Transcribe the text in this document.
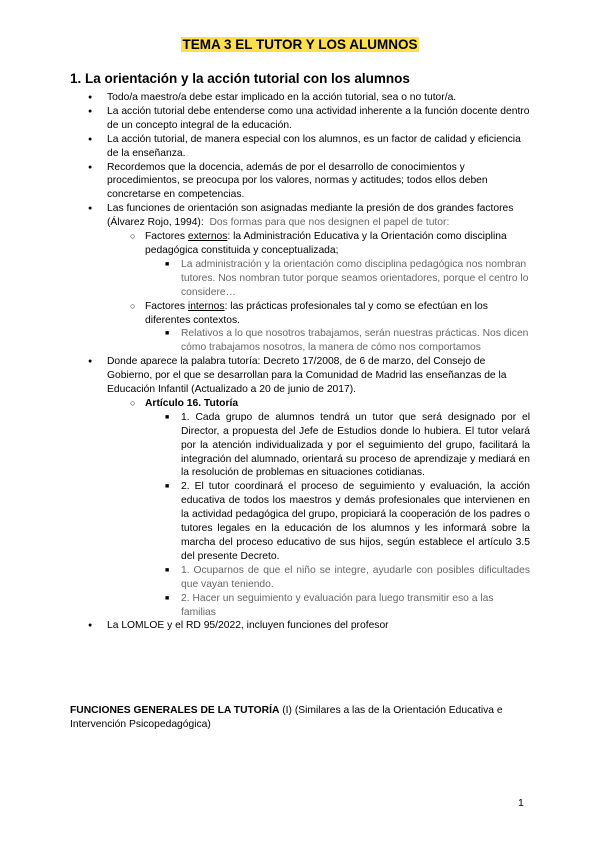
TEMA 3 EL TUTOR Y LOS ALUMNOS
1. La orientación y la acción tutorial con los alumnos

● Todo/a maestro/a debe estar implicado en la acción tutorial, sea o no tutor/a.

● La acción tutorial debe entenderse como una actividad inherente a la función docente dentro de un concepto integral de la educación.

● La acción tutorial, de manera especial con los alumnos, es un factor de calidad y eficiencia de la enseñanza.

● Recordemos que la docencia, además de por el desarrollo de conocimientos y procedimientos, se preocupa por los valores, normas y actitudes; todos ellos deben concretarse en competencias.

● Las funciones de orientación son asignadas mediante la presión de dos grandes factores (Álvarez Rojo, 1994): Dos formas para que nos designen el papel de tutor:

○ Factores externos: la Administración Educativa y la Orientación como disciplina pedagógica constituida y conceptualizada;

■ La administración y la orientación como disciplina pedagógica nos nombran tutores. Nos nombran tutor porque seamos orientadores, porque el centro lo considere…

○ Factores internos: las prácticas profesionales tal y como se efectúan en los diferentes contextos.

■ Relativos a lo que nosotros trabajamos, serán nuestras prácticas. Nos dicen cómo trabajamos nosotros, la manera de cómo nos comportamos

● Donde aparece la palabra tutoría: Decreto 17/2008, de 6 de marzo, del Consejo de Gobierno, por el que se desarrollan para la Comunidad de Madrid las enseñanzas de la Educación Infantil (Actualizado a 20 de junio de 2017).

○ Artículo 16. Tutoría

■ 1. Cada grupo de alumnos tendrá un tutor que será designado por el Director, a propuesta del Jefe de Estudios donde lo hubiera. El tutor velará por la atención individualizada y por el seguimiento del grupo, facilitará la integración del alumnado, orientará su proceso de aprendizaje y mediará en la resolución de problemas en situaciones cotidianas.

■ 2. El tutor coordinará el proceso de seguimiento y evaluación, la acción educativa de todos los maestros y demás profesionales que intervienen en la actividad pedagógica del grupo, propiciará la cooperación de los padres o tutores legales en la educación de los alumnos y les informará sobre la marcha del proceso educativo de sus hijos, según establece el artículo 3.5 del presente Decreto.

■ 1. Ocuparnos de que el niño se integre, ayudarle con posibles dificultades que vayan teniendo.

■ 2. Hacer un seguimiento y evaluación para luego transmitir eso a las familias

● La LOMLOE y el RD 95/2022, incluyen funciones del profesor

FUNCIONES GENERALES DE LA TUTORÍA (I) (Similares a las de la Orientación Educativa e Intervención Psicopedagógica)
1
